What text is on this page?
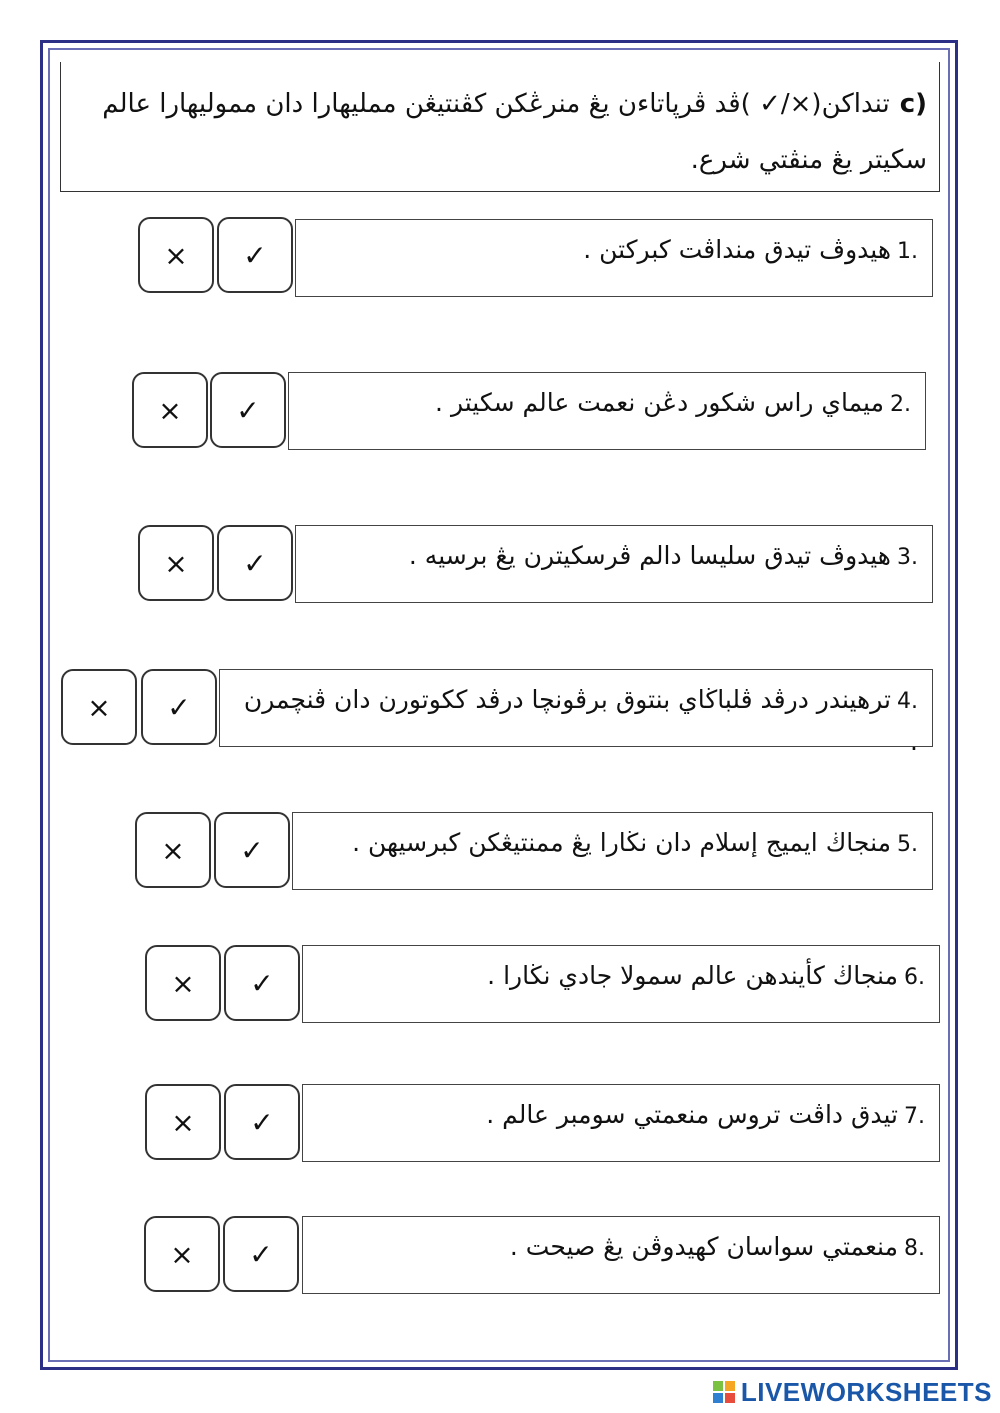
c)تنداكن(✓/× )ڤد ڤرڽاتاءن يڠ منرڠكن كڤنتيڠن مملیهارا دان مموليهارا عالم سكيتر يڠ منڤتي شرع.
1.هيدوڤ تيدق منداڤت كبركتن .
✓
×
2.ميماي راس شكور دڠن نعمت عالم سكيتر .
✓
×
3.هيدوڤ تيدق سليسا دالم ڤرسكيترن يڠ برسيه .
✓
×
4.ترهيندر درڤد ڤلباڬاي بنتوق برڤونچا درڤد ككوتورن دان ڤنچمرن .
✓
×
5.منجاڬ ايميج إسلام دان نڬارا يڠ ممنتيڠكن كبرسيهن .
✓
×
6.منجاڬ كأيندهن عالم سمولا جادي نڬارا .
✓
×
7.تيدق داڤت تروس منعمتي سومبر عالم .
✓
×
8.منعمتي سواسان كهيدوڤن يڠ صيحت .
✓
×
LIVEWORKSHEETS
